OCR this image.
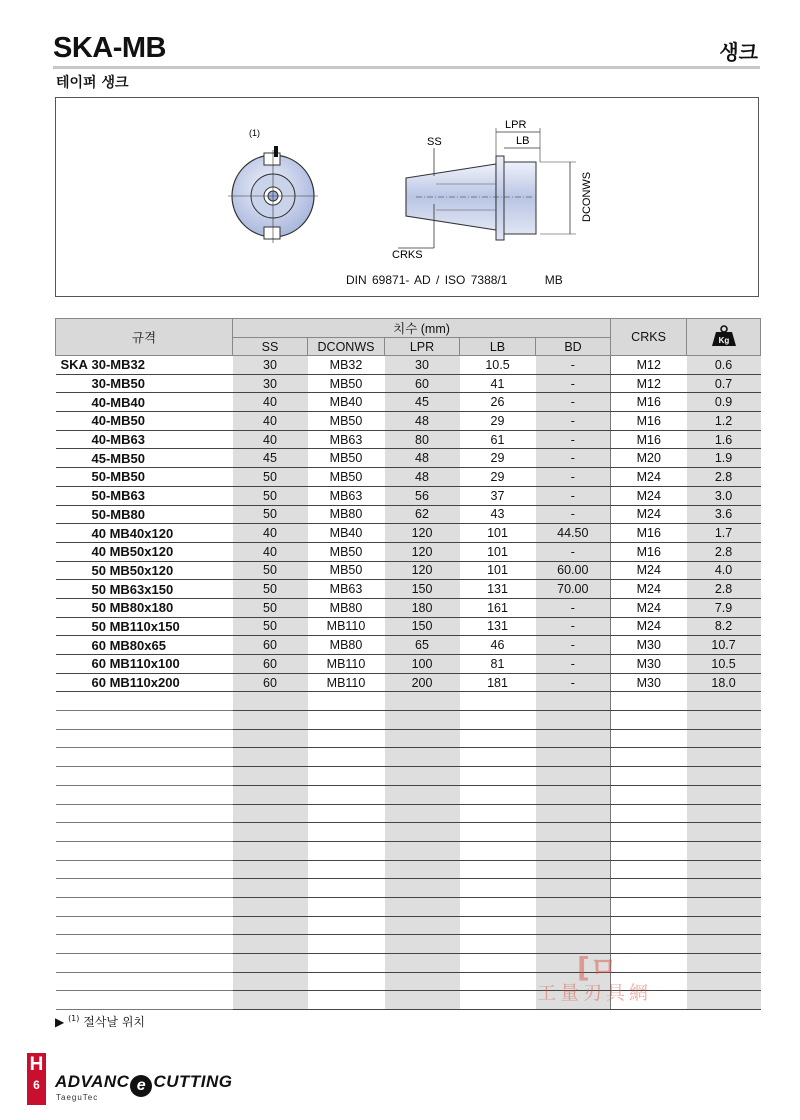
SKA-MB	생크
테이퍼 생크
(1)
SS
LPR
LB
DCONWS
CRKS
DIN 69871- AD / ISO 7388/1	MB
규격	치수 (mm)					CRKS	Kg

	SS	DCONWS	LPR	LB	BD		
SKA 30-MB32	30	MB32	30	10.5	-	M12	0.6
30-MB50	30	MB50	60	41	-	M12	0.7
40-MB40	40	MB40	45	26	-	M16	0.9
40-MB50	40	MB50	48	29	-	M16	1.2
40-MB63	40	MB63	80	61	-	M16	1.6
45-MB50	45	MB50	48	29	-	M20	1.9
50-MB50	50	MB50	48	29	-	M24	2.8
50-MB63	50	MB63	56	37	-	M24	3.0
50-MB80	50	MB80	62	43	-	M24	3.6
40 MB40x120	40	MB40	120	101	44.50	M16	1.7
40 MB50x120	40	MB50	120	101	-	M16	2.8
50 MB50x120	50	MB50	120	101	60.00	M24	4.0
50 MB63x150	50	MB63	150	131	70.00	M24	2.8
50 MB80x180	50	MB80	180	161	-	M24	7.9
50 MB110x150	50	MB110	150	131	-	M24	8.2
60 MB80x65	60	MB80	65	46	-	M30	10.7
60 MB110x100	60	MB110	100	81	-	M30	10.5
60 MB110x200	60	MB110	200	181	-	M30	18.0

[ㅁ
工量刃具網
▶ $^{(1)}$ 절삭날 위치
H
6 ADVANC e CUTTING
TaeguTec
